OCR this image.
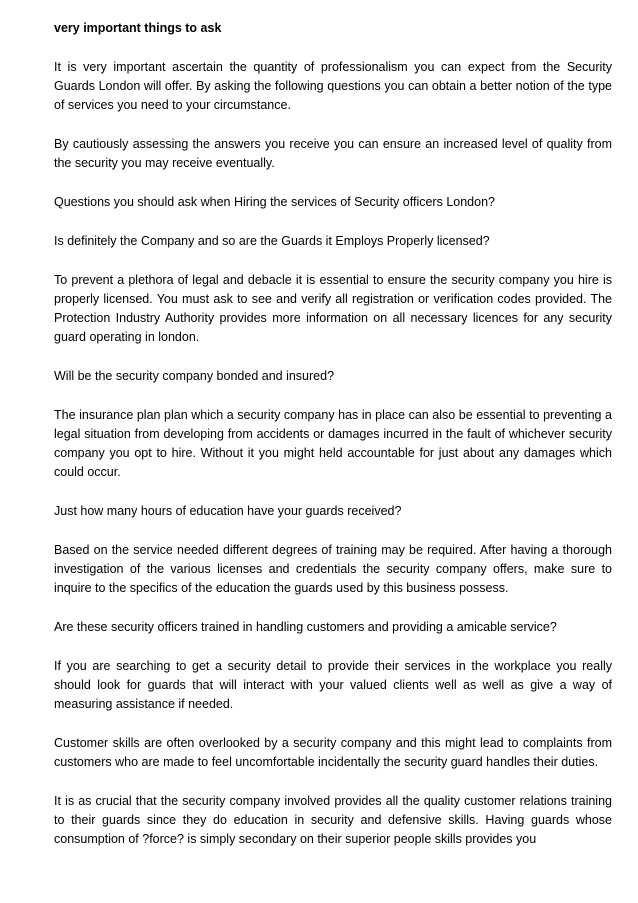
very important things to ask
It is very important ascertain the quantity of professionalism you can expect from the Security Guards London will offer. By asking the following questions you can obtain a better notion of the type of services you need to your circumstance.
By cautiously assessing the answers you receive you can ensure an increased level of quality from the security you may receive eventually.
Questions you should ask when Hiring the services of Security officers London?
Is definitely the Company and so are the Guards it Employs Properly licensed?
To prevent a plethora of legal and debacle it is essential to ensure the security company you hire is properly licensed. You must ask to see and verify all registration or verification codes provided. The Protection Industry Authority provides more information on all necessary licences for any security guard operating in london.
Will be the security company bonded and insured?
The insurance plan plan which a security company has in place can also be essential to preventing a legal situation from developing from accidents or damages incurred in the fault of whichever security company you opt to hire. Without it you might held accountable for just about any damages which could occur.
Just how many hours of education have your guards received?
Based on the service needed different degrees of training may be required. After having a thorough investigation of the various licenses and credentials the security company offers, make sure to inquire to the specifics of the education the guards used by this business possess.
Are these security officers trained in handling customers and providing a amicable service?
If you are searching to get a security detail to provide their services in the workplace you really should look for guards that will interact with your valued clients well as well as give a way of measuring assistance if needed.
Customer skills are often overlooked by a security company and this might lead to complaints from customers who are made to feel uncomfortable incidentally the security guard handles their duties.
It is as crucial that the security company involved provides all the quality customer relations training to their guards since they do education in security and defensive skills. Having guards whose consumption of ?force? is simply secondary on their superior people skills provides you
